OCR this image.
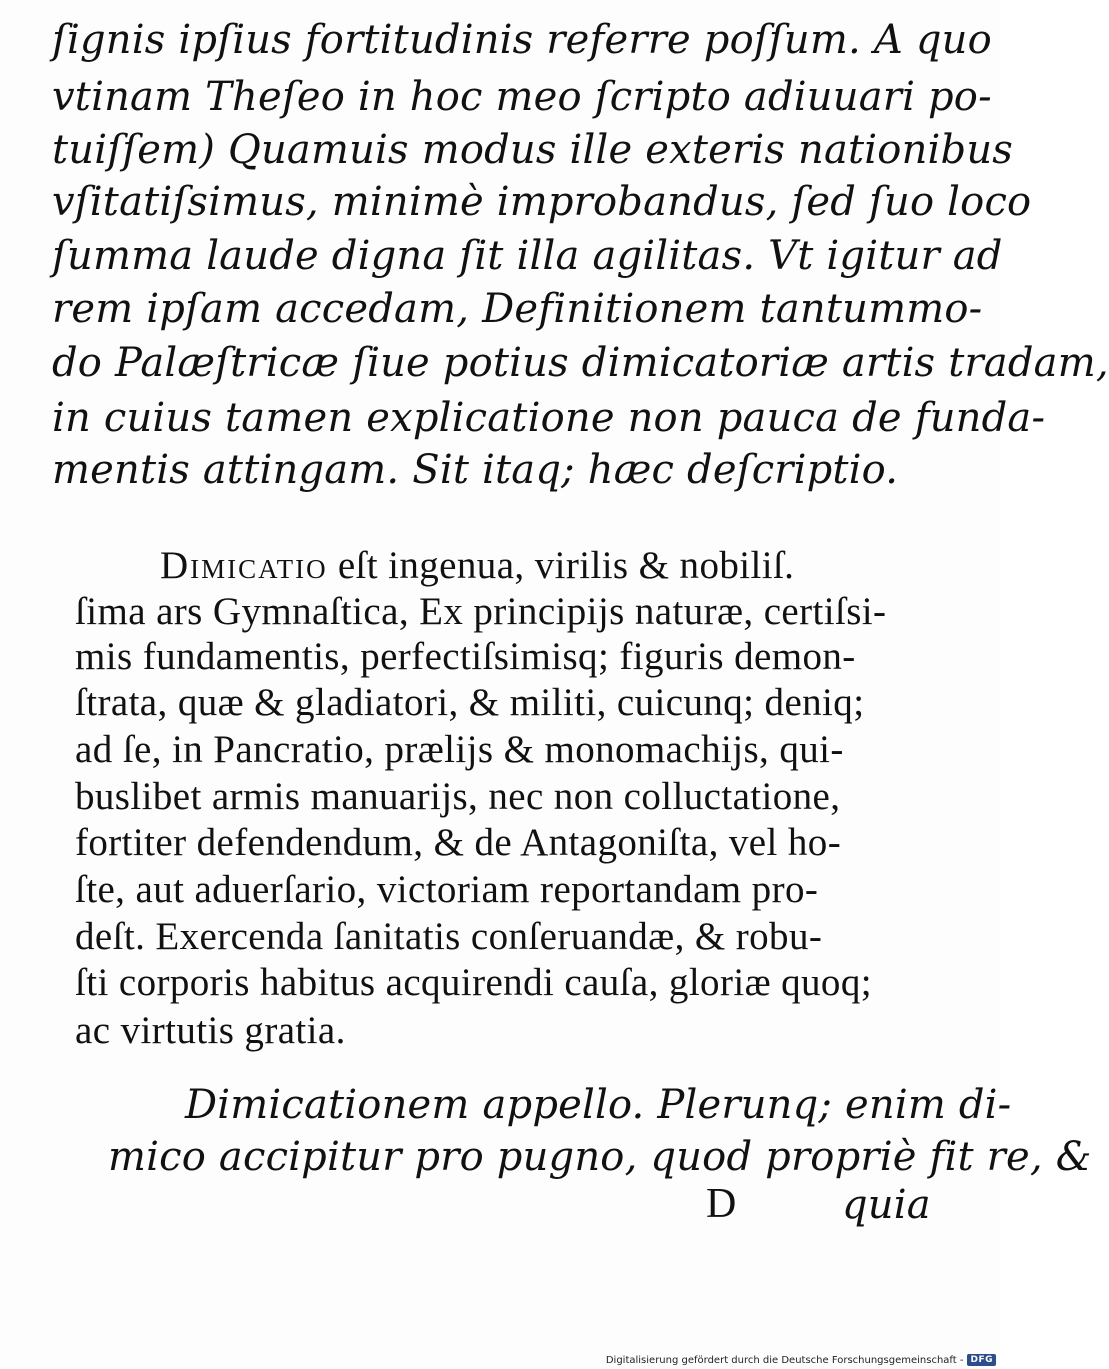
ſignis ipſius fortitudinis referre poſſum. A quo
vtinam Theſeo in hoc meo ſcripto adiuuari po-
tuiſſem) Quamuis modus ille exteris nationibus
vſitatiſsimus, minimè improbandus, ſed ſuo loco
ſumma laude digna ſit illa agilitas. Vt igitur ad
rem ipſam accedam, Definitionem tantummo-
do Palæſtricæ ſiue potius dimicatoriæ artis tradam,
in cuius tamen explicatione non pauca de funda-
mentis attingam. Sit itaq; hæc deſcriptio.
Dimicatio eſt ingenua, virilis & nobiliſ.
ſima ars Gymnaſtica, Ex principijs naturæ, certiſsi-
mis fundamentis, perfectiſsimisq; figuris demon-
ſtrata, quæ & gladiatori, & militi, cuicunq; deniq;
ad ſe, in Pancratio, prælijs & monomachijs, qui-
buslibet armis manuarijs, nec non colluctatione,
fortiter defendendum, & de Antagoniſta, vel ho-
ſte, aut aduerſario, victoriam reportandam pro-
deſt. Exercenda ſanitatis conſeruandæ, & robu-
ſti corporis habitus acquirendi cauſa, gloriæ quoq;
ac virtutis gratia.
Dimicationem appello. Plerunq; enim di-
mico accipitur pro pugno, quod propriè fit re, &
D	quia
Digitalisierung gefördert durch die Deutsche Forschungsgemeinschaft - DFG
